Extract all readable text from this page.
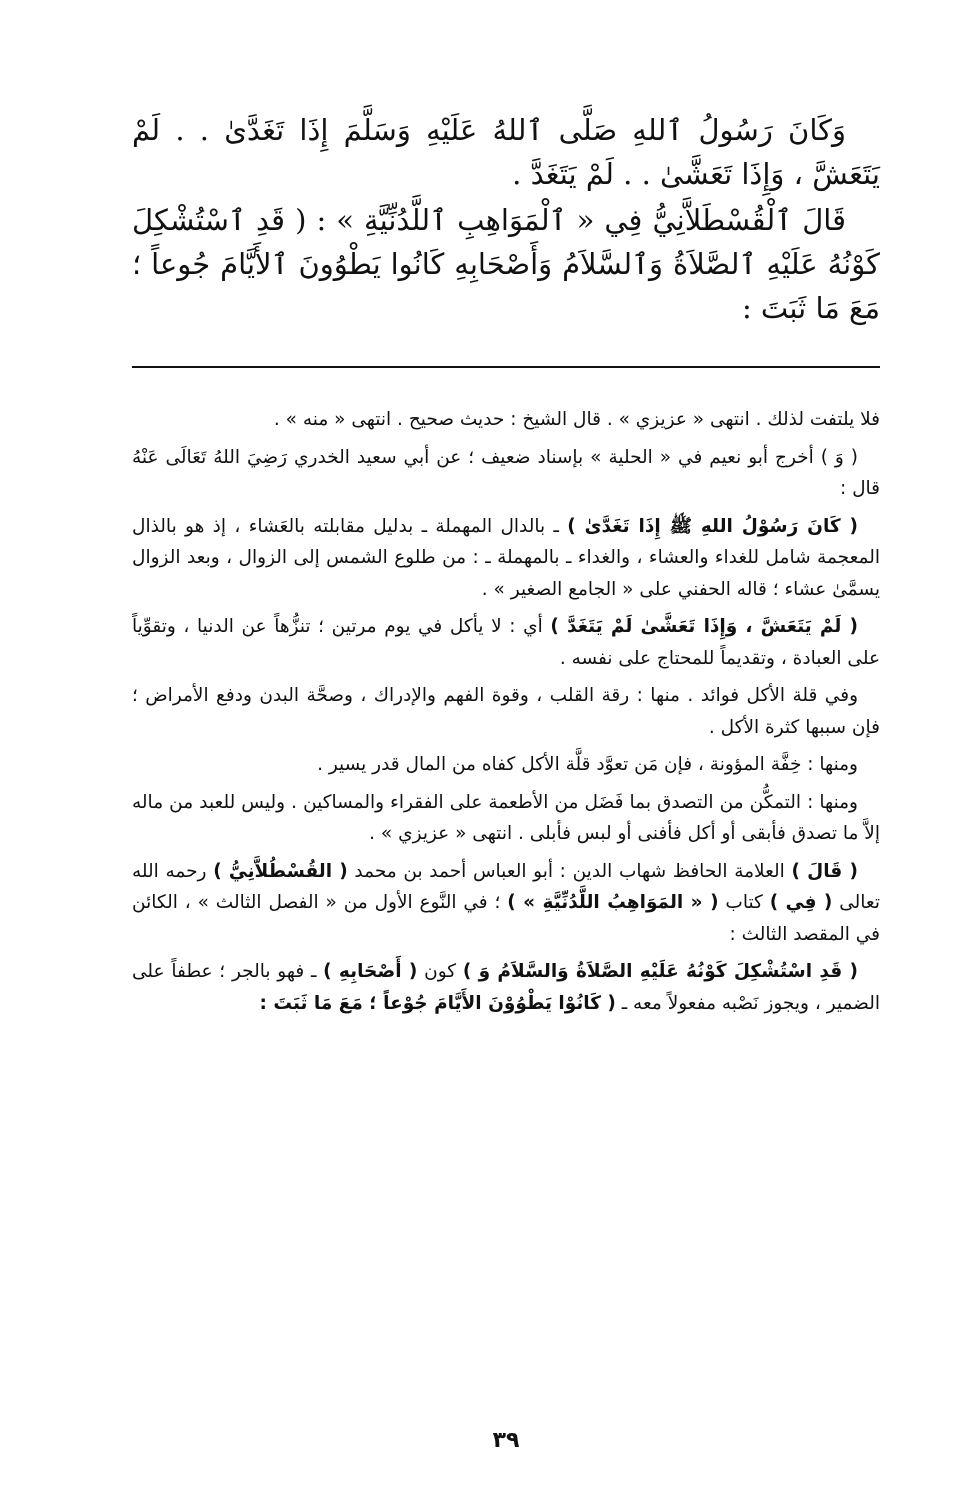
وَكَانَ رَسُولُ ٱللهِ صَلَّى ٱللهُ عَلَيْهِ وَسَلَّمَ إِذَا تَغَدَّىٰ . . لَمْ يَتَعَشَّ ، وَإِذَا تَعَشَّىٰ . . لَمْ يَتَغَدَّ .

قَالَ ٱلْقُسْطَلاَّنِيُّ فِي « ٱلْمَوَاهِبِ ٱللَّدُنِّيَّةِ » : ( قَدِ ٱسْتُشْكِلَ كَوْنُهُ عَلَيْهِ ٱلصَّلاَةُ وَٱلسَّلاَمُ وَأَصْحَابِهِ كَانُوا يَطْوُونَ ٱلأَيَّامَ جُوعاً ؛ مَعَ مَا ثَبَتَ :

فلا يلتفت لذلك . انتهى « عزيزي » . قال الشيخ : حديث صحيح . انتهى « منه » .

( وَ ) أخرج أبو نعيم في « الحلية » بإسناد ضعيف ؛ عن أبي سعيد الخدري رَضِيَ اللهُ تَعَالَى عَنْهُ قال :

( كَانَ رَسُوْلُ اللهِ ﷺ إِذَا تَغَدَّىٰ ) ـ بالدال المهملة ـ بدليل مقابلته بالعَشاء ، إذ هو بالذال المعجمة شامل للغداء والعشاء ، والغداء ـ بالمهملة ـ : من طلوع الشمس إلى الزوال ، وبعد الزوال يسمَّىٰ عشاء ؛ قاله الحفني على « الجامع الصغير » .

( لَمْ يَتَعَشَّ ، وَإِذَا تَعَشَّىٰ لَمْ يَتَغَدَّ ) أي : لا يأكل في يوم مرتين ؛ تنزُّهاً عن الدنيا ، وتقوِّياً على العبادة ، وتقديماً للمحتاج على نفسه .

وفي قلة الأكل فوائد . منها : رقة القلب ، وقوة الفهم والإدراك ، وصحَّة البدن ودفع الأمراض ؛ فإن سببها كثرة الأكل .

ومنها : خِفَّة المؤونة ، فإن مَن تعوَّد قلَّة الأكل كفاه من المال قدر يسير .

ومنها : التمكُّن من التصدق بما فَضَل من الأطعمة على الفقراء والمساكين . وليس للعبد من ماله إلاَّ ما تصدق فأبقى أو أكل فأفنى أو لبس فأبلى . انتهى « عزيزي » .

( قَالَ ) العلامة الحافظ شهاب الدين : أبو العباس أحمد بن محمد ( القُسْطُلاَّنِيُّ ) رحمه الله تعالى ( فِي ) كتاب ( « المَوَاهِبُ اللَّدُنِّيَّةِ » ) ؛ في النَّوع الأول من « الفصل الثالث » ، الكائن في المقصد الثالث :

( قَدِ اسْتُشْكِلَ كَوْنُهُ عَلَيْهِ الصَّلاَةُ وَالسَّلاَمُ وَ ) كون ( أَصْحَابِهِ ) ـ فهو بالجر ؛ عطفاً على الضمير ، ويجوز نَصْبه مفعولاً معه ـ ( كَانُوْا يَطْوُوْنَ الأَيَّامَ جُوْعاً ؛ مَعَ مَا ثَبَتَ :

٣٩
